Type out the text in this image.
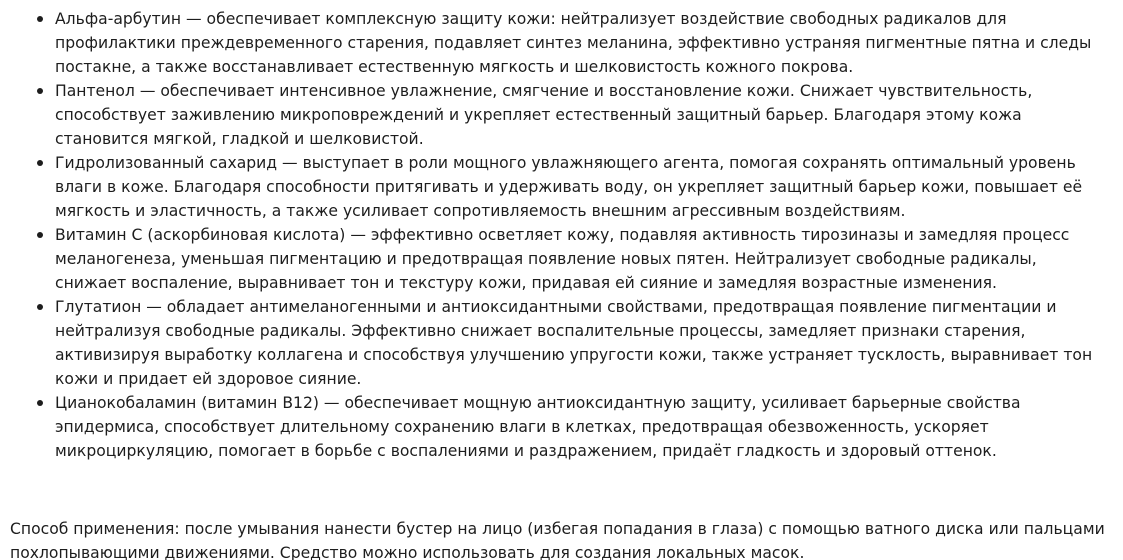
Альфа-арбутин — обеспечивает комплексную защиту кожи: нейтрализует воздействие свободных радикалов для профилактики преждевременного старения, подавляет синтез меланина, эффективно устраняя пигментные пятна и следы постакне, а также восстанавливает естественную мягкость и шелковистость кожного покрова.
Пантенол — обеспечивает интенсивное увлажнение, смягчение и восстановление кожи. Снижает чувствительность, способствует заживлению микроповреждений и укрепляет естественный защитный барьер. Благодаря этому кожа становится мягкой, гладкой и шелковистой.
Гидролизованный сахарид — выступает в роли мощного увлажняющего агента, помогая сохранять оптимальный уровень влаги в коже. Благодаря способности притягивать и удерживать воду, он укрепляет защитный барьер кожи, повышает её мягкость и эластичность, а также усиливает сопротивляемость внешним агрессивным воздействиям.
Витамин С (аскорбиновая кислота) — эффективно осветляет кожу, подавляя активность тирозиназы и замедляя процесс меланогенеза, уменьшая пигментацию и предотвращая появление новых пятен. Нейтрализует свободные радикалы, снижает воспаление, выравнивает тон и текстуру кожи, придавая ей сияние и замедляя возрастные изменения.
Глутатион — обладает антимеланогенными и антиоксидантными свойствами, предотвращая появление пигментации и нейтрализуя свободные радикалы. Эффективно снижает воспалительные процессы, замедляет признаки старения, активизируя выработку коллагена и способствуя улучшению упругости кожи, также устраняет тусклость, выравнивает тон кожи и придает ей здоровое сияние.
Цианокобаламин (витамин В12) — обеспечивает мощную антиоксидантную защиту, усиливает барьерные свойства эпидермиса, способствует длительному сохранению влаги в клетках, предотвращая обезвоженность, ускоряет микроциркуляцию, помогает в борьбе с воспалениями и раздражением, придаёт гладкость и здоровый оттенок.

Способ применения: после умывания нанести бустер на лицо (избегая попадания в глаза) с помощью ватного диска или пальцами похлопывающими движениями. Средство можно использовать для создания локальных масок.
